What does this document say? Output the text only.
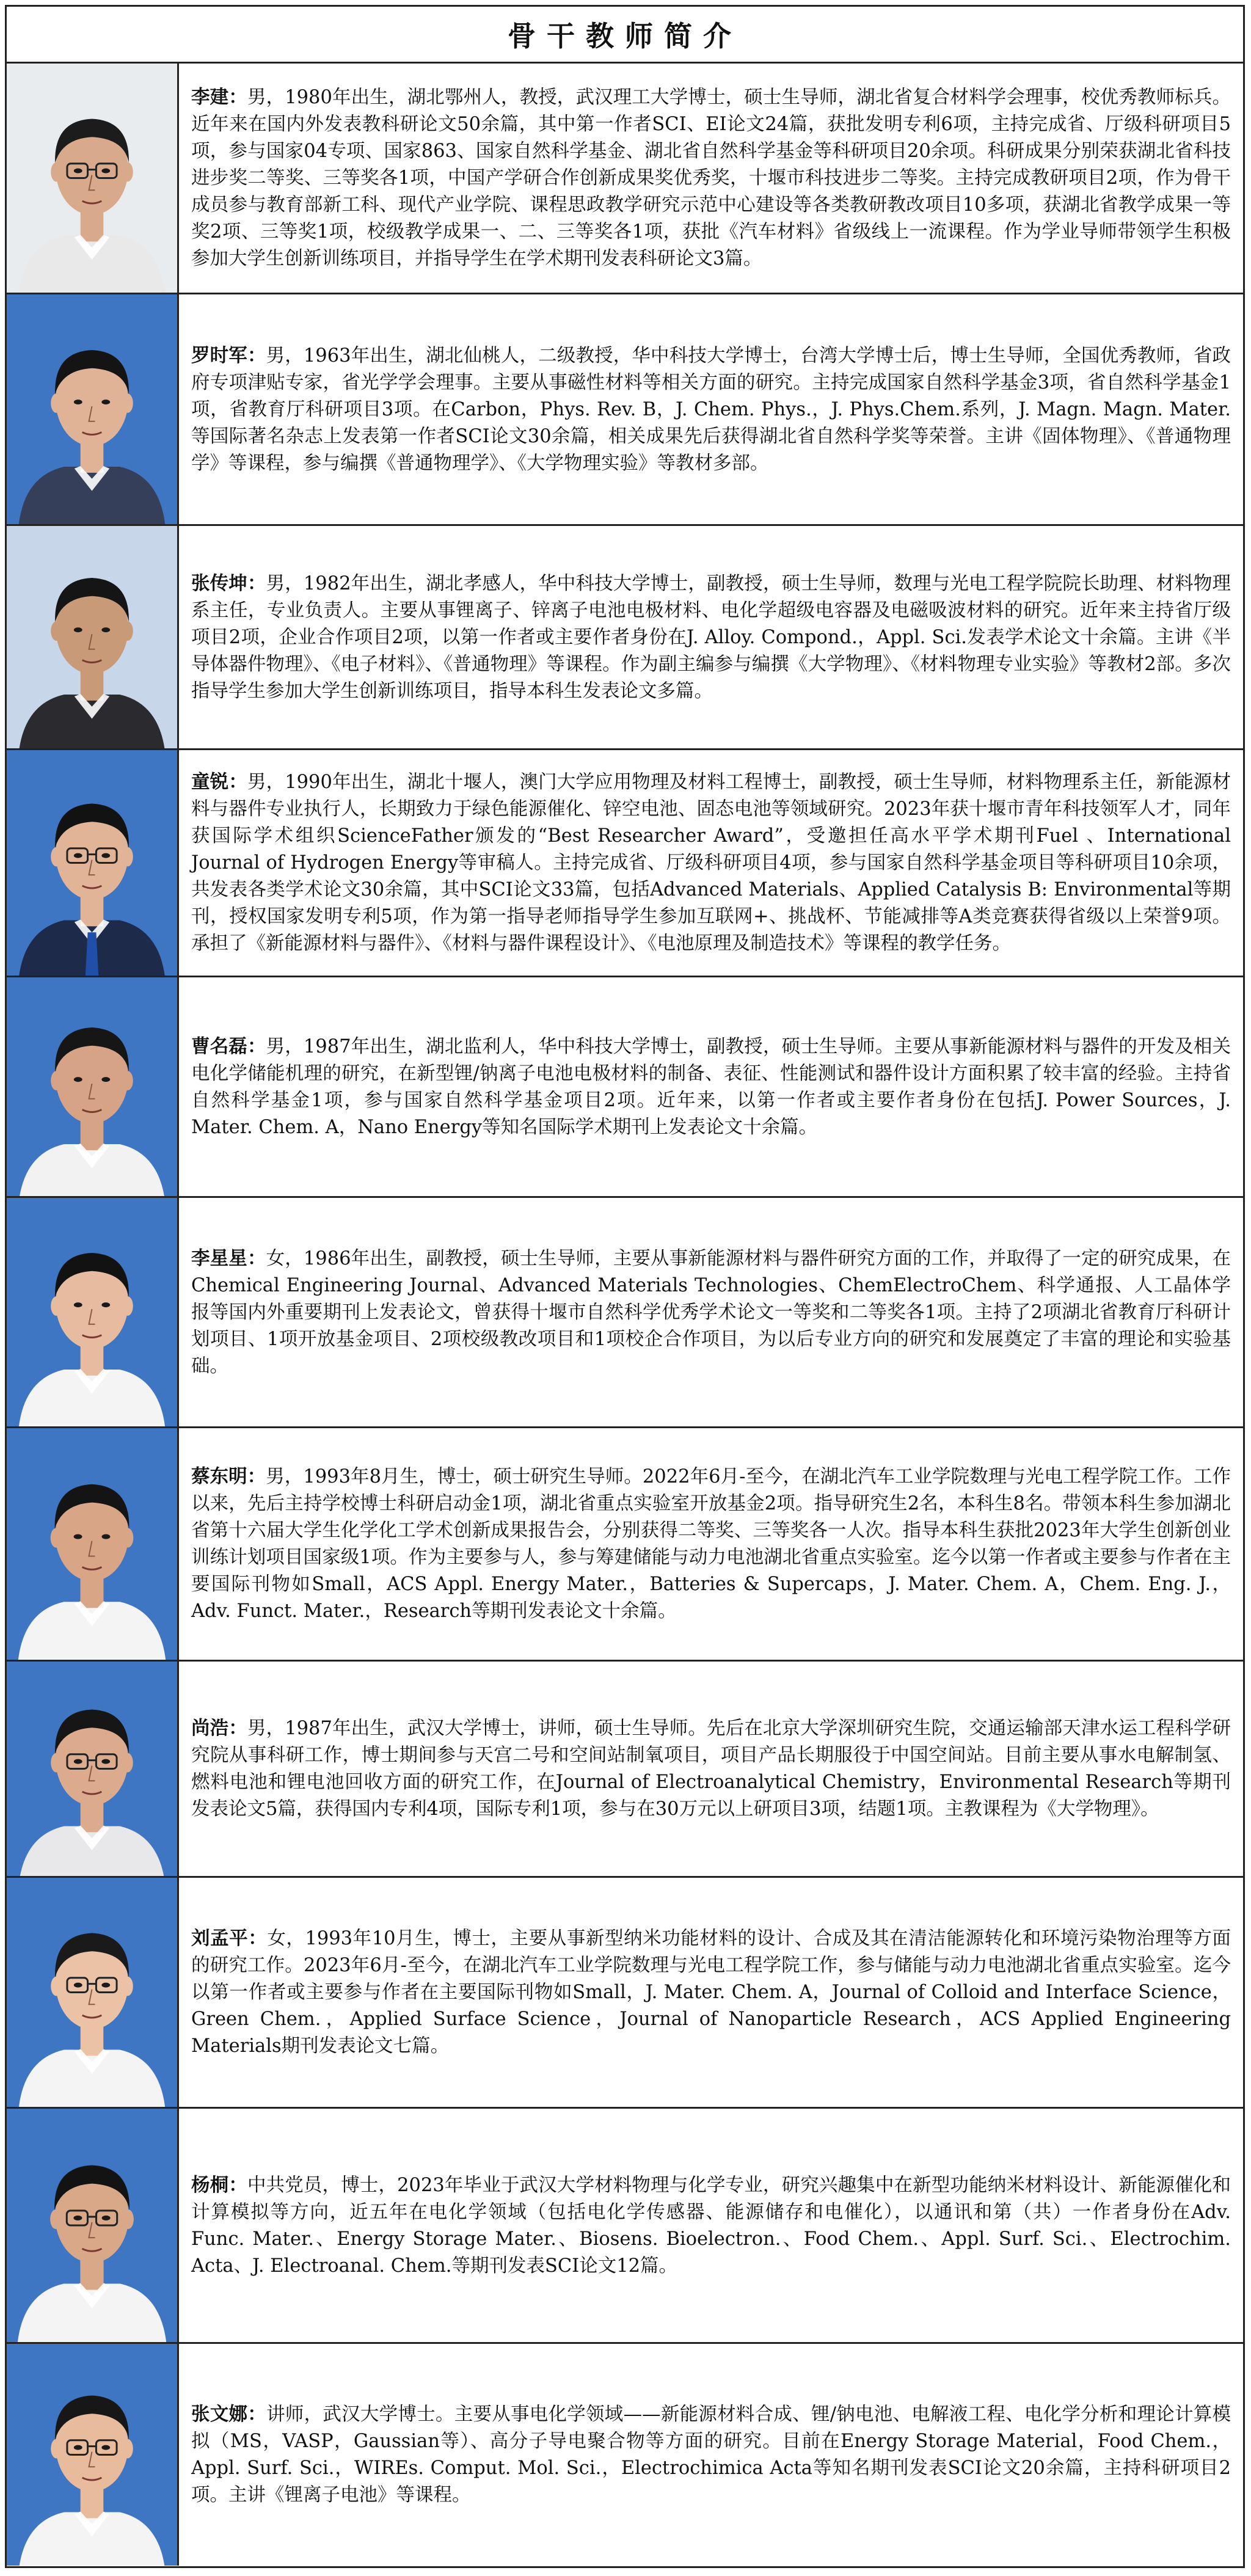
骨干教师简介

李建：男，1980年出生，湖北鄂州人，教授，武汉理工大学博士，硕士生导师，湖北省复合材料学会理事，校优秀教师标兵。近年来在国内外发表教科研论文50余篇，其中第一作者SCI、EI论文24篇，获批发明专利6项，主持完成省、厅级科研项目5项，参与国家04专项、国家863、国家自然科学基金、湖北省自然科学基金等科研项目20余项。科研成果分别荣获湖北省科技进步奖二等奖、三等奖各1项，中国产学研合作创新成果奖优秀奖，十堰市科技进步二等奖。主持完成教研项目2项，作为骨干成员参与教育部新工科、现代产业学院、课程思政教学研究示范中心建设等各类教研教改项目10多项，获湖北省教学成果一等奖2项、三等奖1项，校级教学成果一、二、三等奖各1项，获批《汽车材料》省级线上一流课程。作为学业导师带领学生积极参加大学生创新训练项目，并指导学生在学术期刊发表科研论文3篇。

罗时军：男，1963年出生，湖北仙桃人，二级教授，华中科技大学博士，台湾大学博士后，博士生导师，全国优秀教师，省政府专项津贴专家，省光学学会理事。主要从事磁性材料等相关方面的研究。主持完成国家自然科学基金3项，省自然科学基金1项，省教育厅科研项目3项。在Carbon，Phys. Rev. B，J. Chem. Phys.，J. Phys.Chem.系列，J. Magn. Magn. Mater.等国际著名杂志上发表第一作者SCI论文30余篇，相关成果先后获得湖北省自然科学奖等荣誉。主讲《固体物理》、《普通物理学》等课程，参与编撰《普通物理学》、《大学物理实验》等教材多部。

张传坤：男，1982年出生，湖北孝感人，华中科技大学博士，副教授，硕士生导师，数理与光电工程学院院长助理、材料物理系主任，专业负责人。主要从事锂离子、锌离子电池电极材料、电化学超级电容器及电磁吸波材料的研究。近年来主持省厅级项目2项，企业合作项目2项，以第一作者或主要作者身份在J. Alloy. Compond.，Appl. Sci.发表学术论文十余篇。主讲《半导体器件物理》、《电子材料》、《普通物理》等课程。作为副主编参与编撰《大学物理》、《材料物理专业实验》等教材2部。多次指导学生参加大学生创新训练项目，指导本科生发表论文多篇。

童锐：男，1990年出生，湖北十堰人，澳门大学应用物理及材料工程博士，副教授，硕士生导师，材料物理系主任，新能源材料与器件专业执行人，长期致力于绿色能源催化、锌空电池、固态电池等领域研究。2023年获十堰市青年科技领军人才，同年获国际学术组织ScienceFather颁发的“Best Researcher Award”，受邀担任高水平学术期刊Fuel 、International Journal of Hydrogen Energy等审稿人。主持完成省、厅级科研项目4项，参与国家自然科学基金项目等科研项目10余项，共发表各类学术论文30余篇，其中SCI论文33篇，包括Advanced Materials、Applied Catalysis B: Environmental等期刊，授权国家发明专利5项，作为第一指导老师指导学生参加互联网+、挑战杯、节能减排等A类竞赛获得省级以上荣誉9项。承担了《新能源材料与器件》、《材料与器件课程设计》、《电池原理及制造技术》等课程的教学任务。

曹名磊：男，1987年出生，湖北监利人，华中科技大学博士，副教授，硕士生导师。主要从事新能源材料与器件的开发及相关电化学储能机理的研究，在新型锂/钠离子电池电极材料的制备、表征、性能测试和器件设计方面积累了较丰富的经验。主持省自然科学基金1项，参与国家自然科学基金项目2项。近年来，以第一作者或主要作者身份在包括J. Power Sources，J. Mater. Chem. A，Nano Energy等知名国际学术期刊上发表论文十余篇。

李星星：女，1986年出生，副教授，硕士生导师，主要从事新能源材料与器件研究方面的工作，并取得了一定的研究成果，在Chemical Engineering Journal、Advanced Materials Technologies、ChemElectroChem、科学通报、人工晶体学报等国内外重要期刊上发表论文，曾获得十堰市自然科学优秀学术论文一等奖和二等奖各1项。主持了2项湖北省教育厅科研计划项目、1项开放基金项目、2项校级教改项目和1项校企合作项目，为以后专业方向的研究和发展奠定了丰富的理论和实验基础。

蔡东明：男，1993年8月生，博士，硕士研究生导师。2022年6月-至今，在湖北汽车工业学院数理与光电工程学院工作。工作以来，先后主持学校博士科研启动金1项，湖北省重点实验室开放基金2项。指导研究生2名，本科生8名。带领本科生参加湖北省第十六届大学生化学化工学术创新成果报告会，分别获得二等奖、三等奖各一人次。指导本科生获批2023年大学生创新创业训练计划项目国家级1项。作为主要参与人，参与筹建储能与动力电池湖北省重点实验室。迄今以第一作者或主要参与作者在主要国际刊物如Small，ACS Appl. Energy Mater.，Batteries & Supercaps，J. Mater. Chem. A，Chem. Eng. J.，Adv. Funct. Mater.，Research等期刊发表论文十余篇。

尚浩：男，1987年出生，武汉大学博士，讲师，硕士生导师。先后在北京大学深圳研究生院，交通运输部天津水运工程科学研究院从事科研工作，博士期间参与天宫二号和空间站制氧项目，项目产品长期服役于中国空间站。目前主要从事水电解制氢、燃料电池和锂电池回收方面的研究工作，在Journal of Electroanalytical Chemistry，Environmental Research等期刊发表论文5篇，获得国内专利4项，国际专利1项，参与在30万元以上研项目3项，结题1项。主教课程为《大学物理》。

刘孟平：女，1993年10月生，博士，主要从事新型纳米功能材料的设计、合成及其在清洁能源转化和环境污染物治理等方面的研究工作。2023年6月-至今，在湖北汽车工业学院数理与光电工程学院工作，参与储能与动力电池湖北省重点实验室。迄今以第一作者或主要参与作者在主要国际刊物如Small，J. Mater. Chem. A，Journal of Colloid and Interface Science，Green Chem.，Applied Surface Science，Journal of Nanoparticle Research，ACS Applied Engineering Materials期刊发表论文七篇。

杨桐：中共党员，博士，2023年毕业于武汉大学材料物理与化学专业，研究兴趣集中在新型功能纳米材料设计、新能源催化和计算模拟等方向，近五年在电化学领域（包括电化学传感器、能源储存和电催化），以通讯和第（共）一作者身份在Adv. Func. Mater.、Energy Storage Mater.、Biosens. Bioelectron.、Food Chem.、Appl. Surf. Sci.、Electrochim. Acta、J. Electroanal. Chem.等期刊发表SCI论文12篇。

张文娜：讲师，武汉大学博士。主要从事电化学领域——新能源材料合成、锂/钠电池、电解液工程、电化学分析和理论计算模拟（MS，VASP，Gaussian等）、高分子导电聚合物等方面的研究。目前在Energy Storage Material，Food Chem.，Appl. Surf. Sci.，WIREs. Comput. Mol. Sci.，Electrochimica Acta等知名期刊发表SCI论文20余篇，主持科研项目2项。主讲《锂离子电池》等课程。
